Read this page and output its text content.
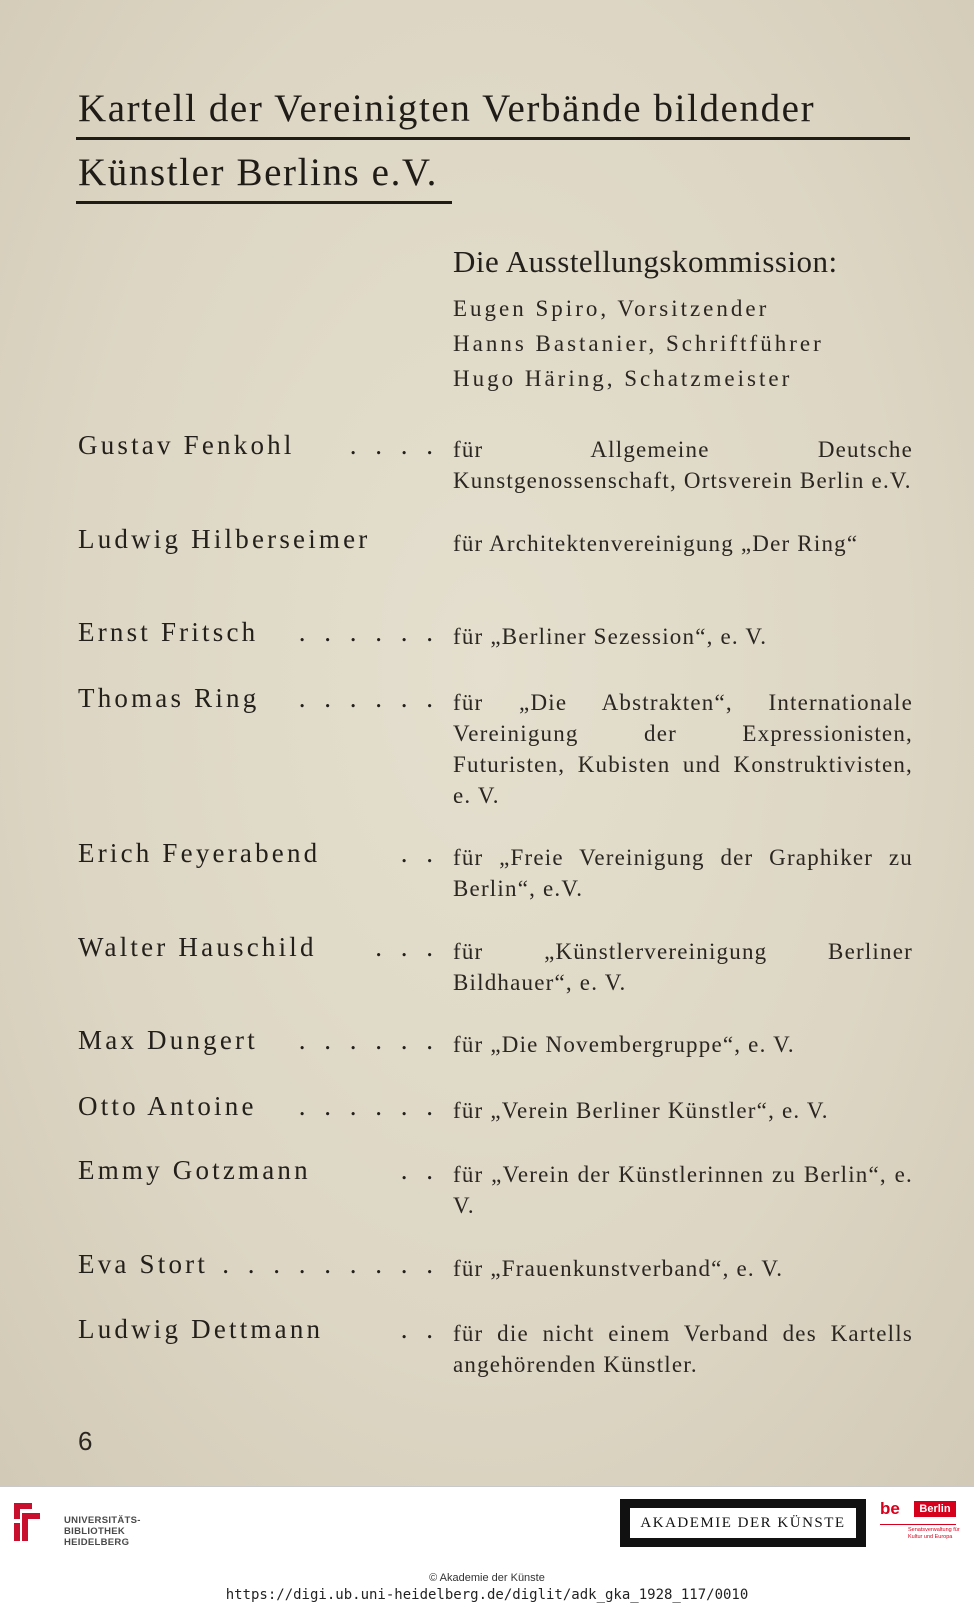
Kartell der Vereinigten Verbände bildender
Künstler Berlins e.V.
Die Ausstellungskommission:
Eugen Spiro, Vorsitzender
Hanns Bastanier, Schriftführer
Hugo Häring, Schatzmeister
Gustav Fenkohl . . . . für Allgemeine Deutsche Kunstgenossenschaft, Ortsverein Berlin e.V.
Ludwig Hilberseimer	für Architektenvereinigung „Der Ring“
Ernst Fritsch . . . . . . für „Berliner Sezession“, e. V.
Thomas Ring . . . . . . für „Die Abstrakten“, Internationale Vereinigung der Expressionisten, Futuristen, Kubisten und Konstruktivisten, e. V.
Erich Feyerabend	. . für „Freie Vereinigung der Graphiker zu Berlin“, e.V.
Walter Hauschild . . . für „Künstlervereinigung Berliner Bildhauer“, e. V.
Max Dungert . . . . . . für „Die Novembergruppe“, e. V.
Otto Antoine . . . . . . für „Verein Berliner Künstler“, e. V.
Emmy Gotzmann	. . für „Verein der Künstlerinnen zu Berlin“, e. V.
Eva Stort . . . . . . . . . für „Frauenkunstverband“, e. V.
Ludwig Dettmann	. . für die nicht einem Verband des Kartells angehörenden Künstler.
6
UNIVERSITÄTS-
BIBLIOTHEK
HEIDELBERG
AKADEMIE DER KÜNSTE
be	Berlin
Senatsverwaltung für Kultur und Europa
© Akademie der Künste
https://digi.ub.uni-heidelberg.de/diglit/adk_gka_1928_117/0010
